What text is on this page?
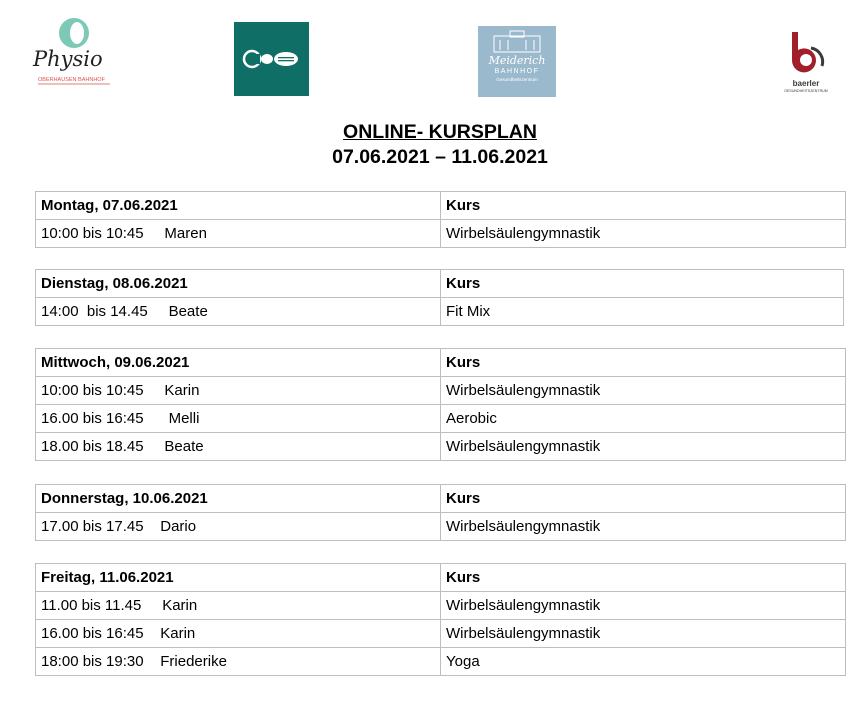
Physio
OBERHAUSEN BAHNHOF
Meiderich
BAHNHOF
Gesundheitszentrum	baerler
GESUNDHEITSZENTRUM
ONLINE- KURSPLAN
07.06.2021 – 11.06.2021
Montag, 07.06.2021	Kurs
10:00 bis 10:45     Maren	Wirbelsäulengymnastik
Dienstag, 08.06.2021	Kurs
14:00  bis 14.45     Beate	Fit Mix
Mittwoch, 09.06.2021	Kurs
10:00 bis 10:45     Karin	Wirbelsäulengymnastik
16.00 bis 16:45      Melli	Aerobic
18.00 bis 18.45     Beate	Wirbelsäulengymnastik
Donnerstag, 10.06.2021	Kurs
17.00 bis 17.45    Dario	Wirbelsäulengymnastik
Freitag, 11.06.2021	Kurs
11.00 bis 11.45     Karin	Wirbelsäulengymnastik
16.00 bis 16:45    Karin	Wirbelsäulengymnastik
18:00 bis 19:30    Friederike	Yoga
